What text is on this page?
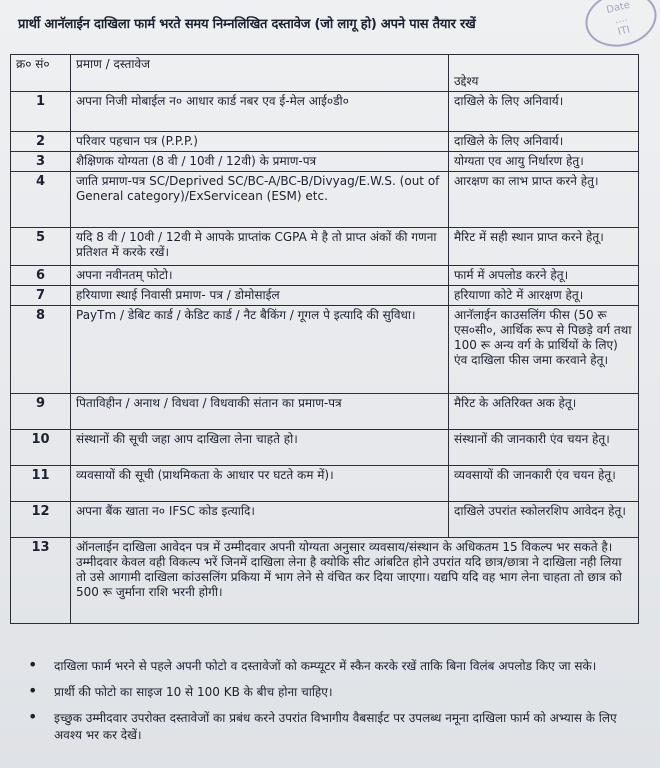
प्रार्थी आनॅलाईन दाखिला फार्म भरते समय निम्नलिखित दस्तावेज (जो लागू हो) अपने पास तैयार रखें
Date
....
ITI
क्र० सं०	प्रमाण / दस्तावेज	उद्देश्य
1	अपना निजी मोबाईल न० आधार कार्ड नबर एव ई-मेल आई०डी०	दाखिले के लिए अनिवार्य।
2	परिवार पहचान पत्र (P.P.P.)	दाखिले के लिए अनिवार्य।
3	शैक्षिणक योग्यता (8 वी / 10वी / 12वी) के प्रमाण-पत्र	योग्यता एव आयु निर्धारण हेतु।
4	जाति प्रमाण-पत्र SC/Deprived SC/BC-A/BC-B/Divyag/E.W.S. (out of General category)/ExServicean (ESM) etc.	आरक्षण का लाभ प्राप्त करने हेतु।
5	यदि 8 वी / 10वी / 12वी मे आपके प्राप्तांक CGPA मे है तो प्राप्त अंकों की गणना प्रतिशत में करके रखें।	मैरिट में सही स्थान प्राप्त करने हेतू।
6	अपना नवीनतम् फोटो।	फार्म में अपलोड करने हेतू।
7	हरियाणा स्थाई निवासी प्रमाण- पत्र / डोमोसाईल	हरियाणा कोटे में आरक्षण हेतू।
8	PayTm / डेबिट कार्ड / केडिट कार्ड / नैट बैकिंग / गूगल पे इत्यादि की सुविधा।	आनॅलाईन काउसलिंग फीस (50 रू एस०सी०, आर्थिक रूप से पिछड़े वर्ग तथा 100 रू अन्य वर्ग के प्रार्थियों के लिए) एंव दाखिला फीस जमा करवाने हेतू।
9	पिताविहीन / अनाथ / विधवा / विधवाकी संतान का प्रमाण-पत्र	मैरिट के अतिरिक्त अक हेतू।
10	संस्थानों की सूची जहा आप दाखिला लेना चाहते हो।	संस्थानों की जानकारी एंव चयन हेतू।
11	व्यवसायों की सूची (प्राथमिकता के आधार पर घटते कम में)।	व्यवसायों की जानकारी एंव चयन हेतू।
12	अपना बैंक खाता न० IFSC कोड इत्यादि।	दाखिले उपरांत स्कोलरशिप आवेदन हेतू।
13	ऑनलाईन दाखिला आवेदन पत्र में उम्मीदवार अपनी योग्यता अनुसार व्यवसाय/संस्थान के अधिकतम 15 विकल्प भर सकते है। उम्मीदवार केवल वही विकल्प भरें जिनमें दाखिला लेना है क्योकि सीट आंबटित होने उपरांत यदि छात्र/छात्रा ने दाखिला नही लिया तो उसे आगामी दाखिला कांउसलिंग प्रकिया में भाग लेने से वंचित कर दिया जाएगा। यद्यपि यदि वह भाग लेना चाहता तो छात्र को 500 रू जुर्माना राशि भरनी होगी।	
• दाखिला फार्म भरने से पहले अपनी फोटो व दस्तावेजों को कम्प्यूटर में स्कैन करके रखें ताकि बिना विलंब अपलोड किए जा सके।
• प्रार्थी की फोटो का साइज 10 से 100 KB के बीच होना चाहिए।
• इच्छुक उम्मीदवार उपरोक्त दस्तावेजों का प्रबंध करने उपरांत विभागीय वैबसाईट पर उपलब्ध नमूना दाखिला फार्म को अभ्यास के लिए अवश्य भर कर देखें।
